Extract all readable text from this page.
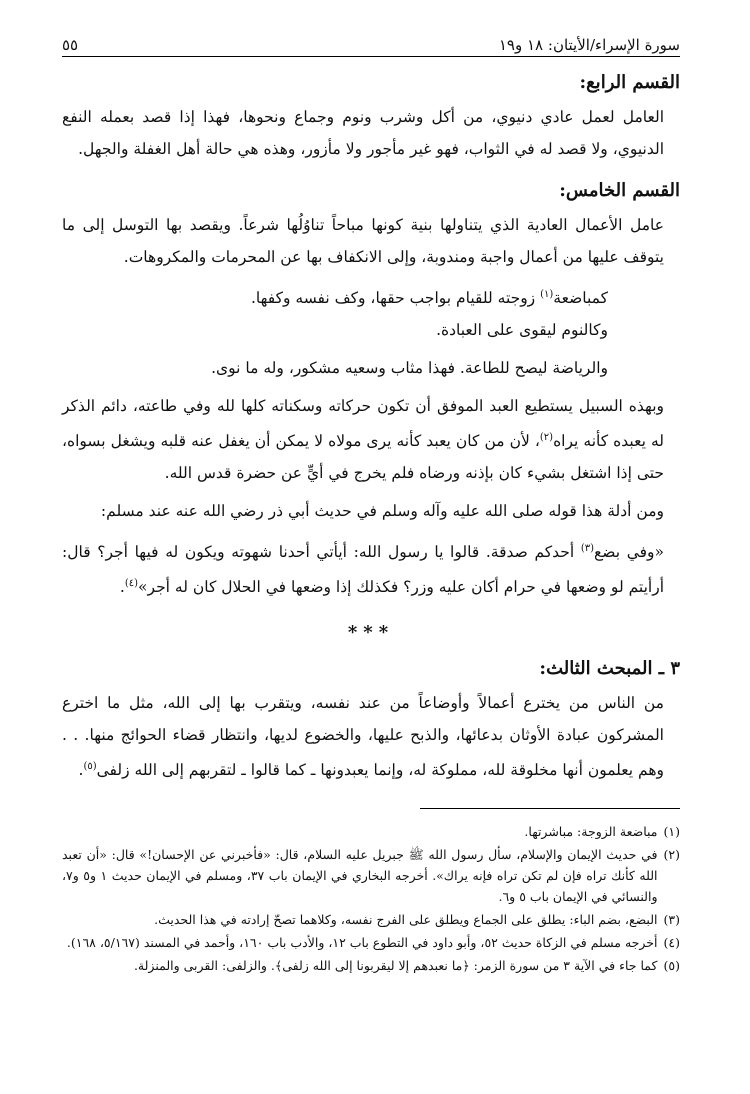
سورة الإسراء/الأيتان: ١٨ و١٩
٥٥
القسم الرابع:

العامل لعمل عادي دنيوي، من أكل وشرب ونوم وجماع ونحوها، فهذا إذا قصد بعمله النفع الدنيوي، ولا قصد له في الثواب، فهو غير مأجور ولا مأزور، وهذه هي حالة أهل الغفلة والجهل.

القسم الخامس:

عامل الأعمال العادية الذي يتناولها بنية كونها مباحاً تناوُلُها شرعاً. ويقصد بها التوسل إلى ما يتوقف عليها من أعمال واجبة ومندوبة، وإلى الانكفاف بها عن المحرمات والمكروهات.

كمباضعة$^{(١)}$ زوجته للقيام بواجب حقها، وكف نفسه وكفها.

وكالنوم ليقوى على العبادة.

والرياضة ليصح للطاعة. فهذا مثاب وسعيه مشكور، وله ما نوى.

وبهذه السبيل يستطيع العبد الموفق أن تكون حركاته وسكناته كلها لله وفي طاعته، دائم الذكر له يعبده كأنه يراه$^{(٢)}$، لأن من كان يعبد كأنه يرى مولاه لا يمكن أن يغفل عنه قلبه ويشغل بسواه، حتى إذا اشتغل بشيء كان بإذنه ورضاه فلم يخرج في أيٍّ عن حضرة قدس الله.

ومن أدلة هذا قوله صلى الله عليه وآله وسلم في حديث أبي ذر رضي الله عنه عند مسلم:

«وفي بضع$^{(٣)}$ أحدكم صدقة. قالوا يا رسول الله: أيأتي أحدنا شهوته ويكون له فيها أجر؟ قال: أرأيتم لو وضعها في حرام أكان عليه وزر؟ فكذلك إذا وضعها في الحلال كان له أجر»$^{(٤)}$.

***
٣ ـ المبحث الثالث:

من الناس من يخترع أعمالاً وأوضاعاً من عند نفسه، ويتقرب بها إلى الله، مثل ما اخترع المشركون عبادة الأوثان بدعائها، والذبح عليها، والخضوع لديها، وانتظار قضاء الحوائج منها. . . وهم يعلمون أنها مخلوقة لله، مملوكة له، وإنما يعبدونها ـ كما قالوا ـ لتقربهم إلى الله زلفى$^{(٥)}$.

(١)
مباضعة الزوجة: مباشرتها.
(٢)
في حديث الإيمان والإسلام، سأل رسول الله ﷺ جبريل عليه السلام، قال: «فأخبرني عن الإحسان!» قال: «أن تعبد الله كأنك تراه فإن لم تكن تراه فإنه يراك». أخرجه البخاري في الإيمان باب ٣٧، ومسلم في الإيمان حديث ١ و٥ و٧، والنسائي في الإيمان باب ٥ و٦.
(٣)
البضع، بضم الباء: يطلق على الجماع ويطلق على الفرج نفسه، وكلاهما تصحّ إرادته في هذا الحديث.
(٤)
أخرجه مسلم في الزكاة حديث ٥٢، وأبو داود في التطوع باب ١٢، والأدب باب ١٦٠، وأحمد في المسند (٥/١٦٧، ١٦٨).
(٥)
كما جاء في الآية ٣ من سورة الزمر: ﴿ما نعبدهم إلا ليقربونا إلى الله زلفى﴾. والزلفى: القربى والمنزلة.
